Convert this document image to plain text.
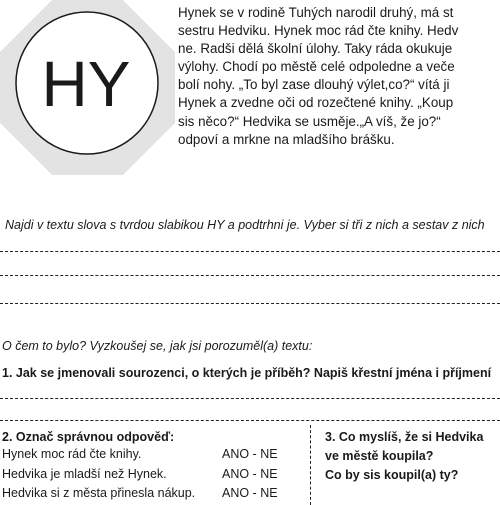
HY
Hynek se v rodině Tuhých narodil druhý, má st
sestru Hedviku. Hynek moc rád čte knihy. Hedv
ne. Radši dělá školní úlohy. Taky ráda okukuje
výlohy. Chodí po městě celé odpoledne a veče
bolí nohy. „To byl zase dlouhý výlet,co?“ vítá ji
Hynek a zvedne oči od rozečtené knihy. „Koup
sis něco?“ Hedvika se usměje.„A víš, že jo?“
odpoví a mrkne na mladšího brášku.
Najdi v textu slova s tvrdou slabikou HY a podtrhni je. Vyber si tři z nich a sestav z nich
O čem to bylo? Vyzkoušej se, jak jsi porozuměl(a) textu:
1. Jak se jmenovali sourozenci, o kterých je příběh? Napiš křestní jména i příjmení
2. Označ správnou odpověď:
Hynek moc rád čte knihy.	ANO - NE
Hedvika je mladší než Hynek.	ANO - NE
Hedvika si z města přinesla nákup.	ANO - NE
3. Co myslíš, že si Hedvika
ve městě koupila?
Co by sis koupil(a) ty?
